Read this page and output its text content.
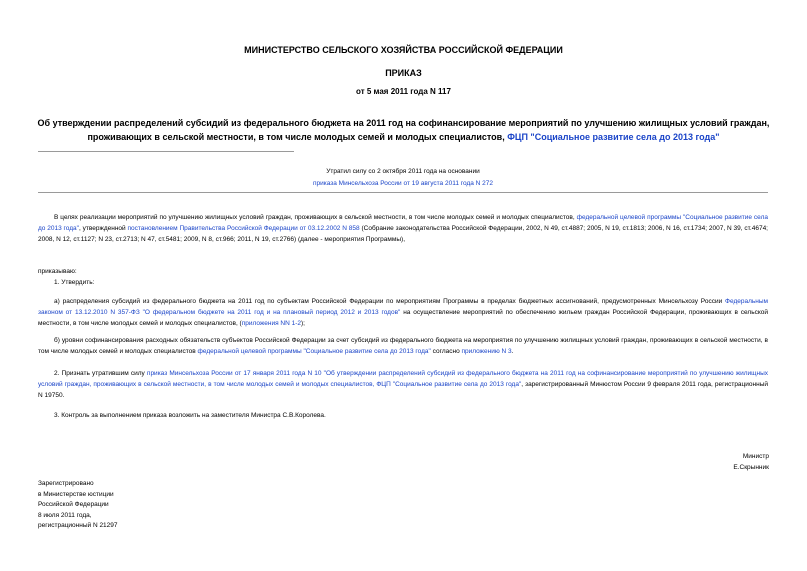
МИНИСТЕРСТВО СЕЛЬСКОГО ХОЗЯЙСТВА РОССИЙСКОЙ ФЕДЕРАЦИИ
ПРИКАЗ
от 5 мая 2011 года N 117
Об утверждении распределений субсидий из федерального бюджета на 2011 год на софинансирование мероприятий по улучшению жилищных условий граждан, проживающих в сельской местности, в том числе молодых семей и молодых специалистов, ФЦП "Социальное развитие села до 2013 года"
Утратил силу со 2 октября 2011 года на основании
приказа Минсельхоза России от 19 августа 2011 года N 272
В целях реализации мероприятий по улучшению жилищных условий граждан, проживающих в сельской местности, в том числе молодых семей и молодых специалистов, федеральной целевой программы "Социальное развитие села до 2013 года", утвержденной постановлением Правительства Российской Федерации от 03.12.2002 N 858 (Собрание законодательства Российской Федерации, 2002, N 49, ст.4887; 2005, N 19, ст.1813; 2006, N 16, ст.1734; 2007, N 39, ст.4674; 2008, N 12, ст.1127; N 23, ст.2713; N 47, ст.5481; 2009, N 8, ст.966; 2011, N 19, ст.2766) (далее - мероприятия Программы),
приказываю:
1. Утвердить:
а) распределения субсидий из федерального бюджета на 2011 год по субъектам Российской Федерации по мероприятиям Программы в пределах бюджетных ассигнований, предусмотренных Минсельхозу России Федеральным законом от 13.12.2010 N 357-ФЗ "О федеральном бюджете на 2011 год и на плановый период 2012 и 2013 годов" на осуществление мероприятий по обеспечению жильем граждан Российской Федерации, проживающих в сельской местности, в том числе молодых семей и молодых специалистов, (приложения NN 1-2);
б) уровни софинансирования расходных обязательств субъектов Российской Федерации за счет субсидий из федерального бюджета на мероприятия по улучшению жилищных условий граждан, проживающих в сельской местности, в том числе молодых семей и молодых специалистов федеральной целевой программы "Социальное развитие села до 2013 года" согласно приложению N 3.
2. Признать утратившим силу приказ Минсельхоза России от 17 января 2011 года N 10 "Об утверждении распределений субсидий из федерального бюджета на 2011 год на софинансирование мероприятий по улучшению жилищных условий граждан, проживающих в сельской местности, в том числе молодых семей и молодых специалистов, ФЦП "Социальное развитие села до 2013 года", зарегистрированный Минюстом России 9 февраля 2011 года, регистрационный N 19750.
3. Контроль за выполнением приказа возложить на заместителя Министра С.В.Королева.
Министр
Е.Скрынник
Зарегистрировано
в Министерстве юстиции
Российской Федерации
8 июля 2011 года,
регистрационный N 21297
